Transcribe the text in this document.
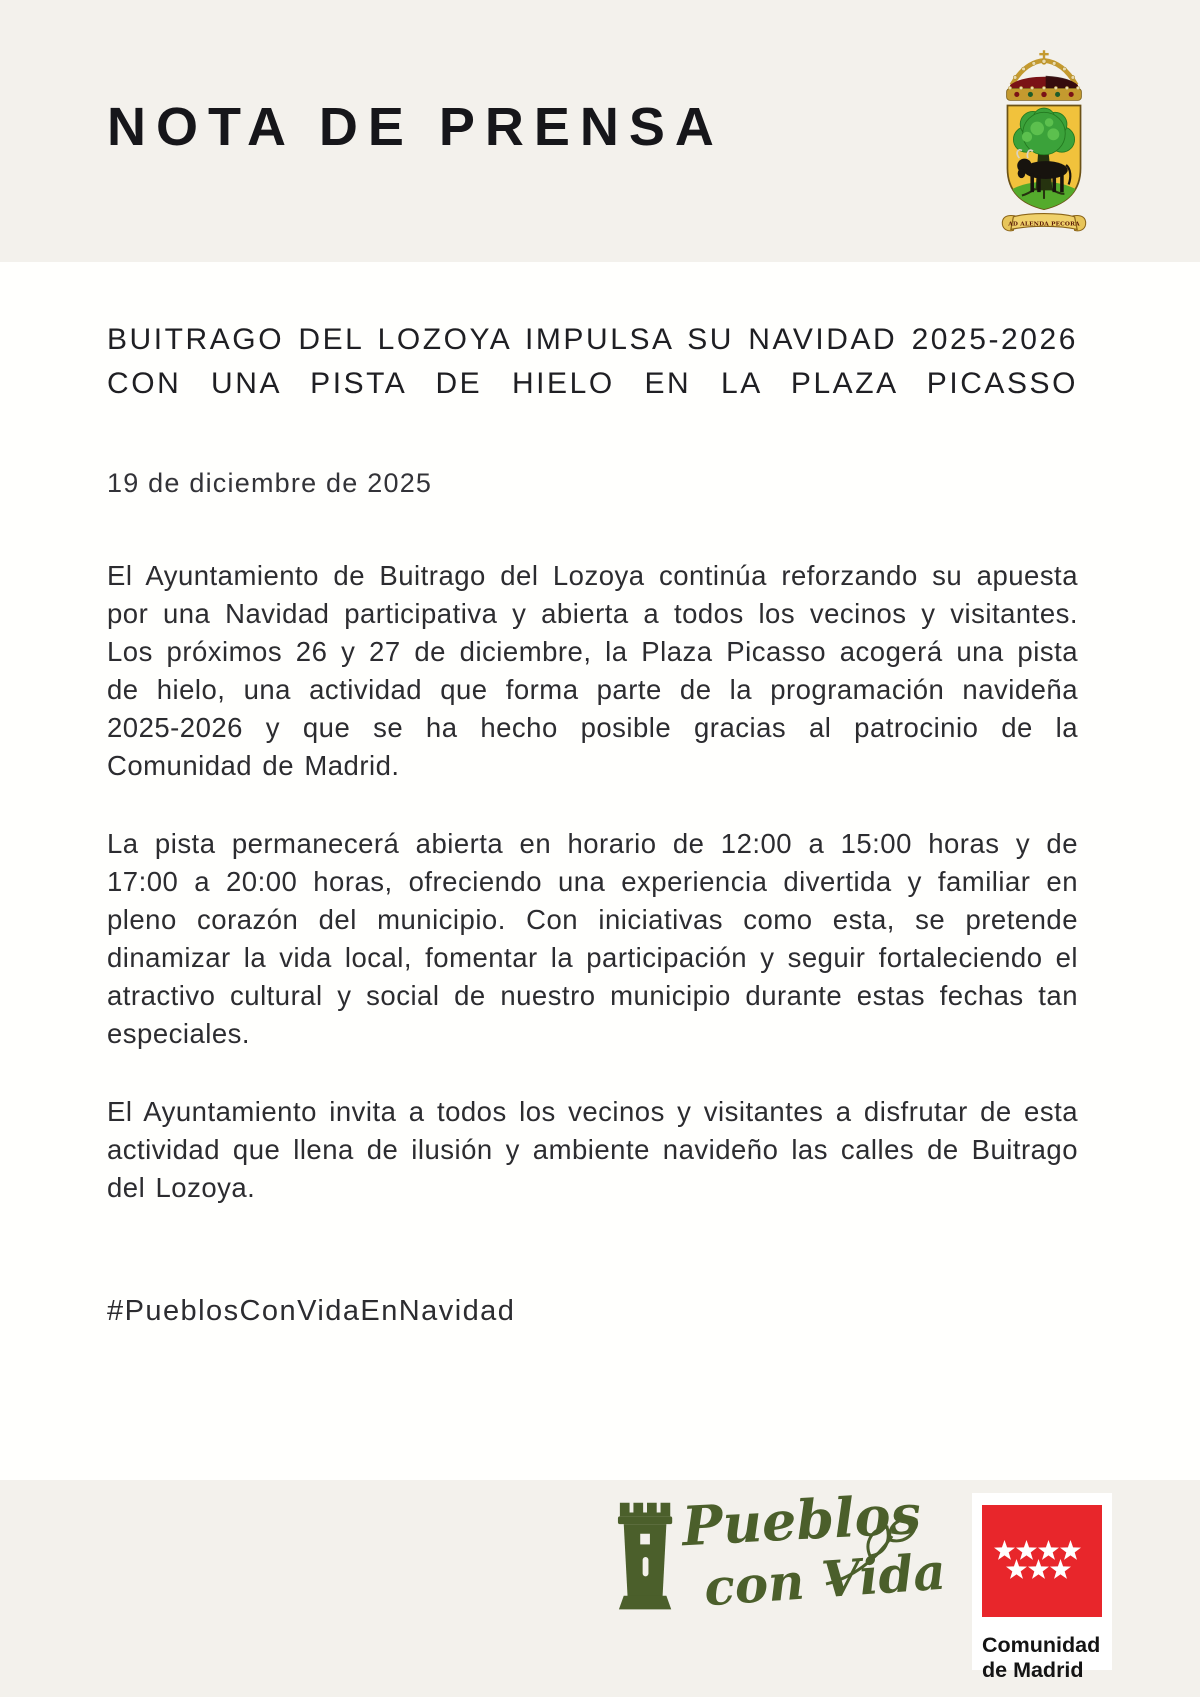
NOTA DE PRENSA
AD ALENDA PECORA
BUITRAGO DEL LOZOYA IMPULSA SU NAVIDAD 2025-2026 CON UNA PISTA DE HIELO EN LA PLAZA PICASSO

19 de diciembre de 2025

El Ayuntamiento de Buitrago del Lozoya continúa reforzando su apuesta por una Navidad participativa y abierta a todos los vecinos y visitantes. Los próximos 26 y 27 de diciembre, la Plaza Picasso acogerá una pista de hielo, una actividad que forma parte de la programación navideña 2025-2026 y que se ha hecho posible gracias al patrocinio de la Comunidad de Madrid.

La pista permanecerá abierta en horario de 12:00 a 15:00 horas y de 17:00 a 20:00 horas, ofreciendo una experiencia divertida y familiar en pleno corazón del municipio. Con iniciativas como esta, se pretende dinamizar la vida local, fomentar la participación y seguir fortaleciendo el atractivo cultural y social de nuestro municipio durante estas fechas tan especiales.

El Ayuntamiento invita a todos los vecinos y visitantes a disfrutar de esta actividad que llena de ilusión y ambiente navideño las calles de Buitrago del Lozoya.

#PueblosConVidaEnNavidad

Pueblos
con Vida
Comunidad
de Madrid
